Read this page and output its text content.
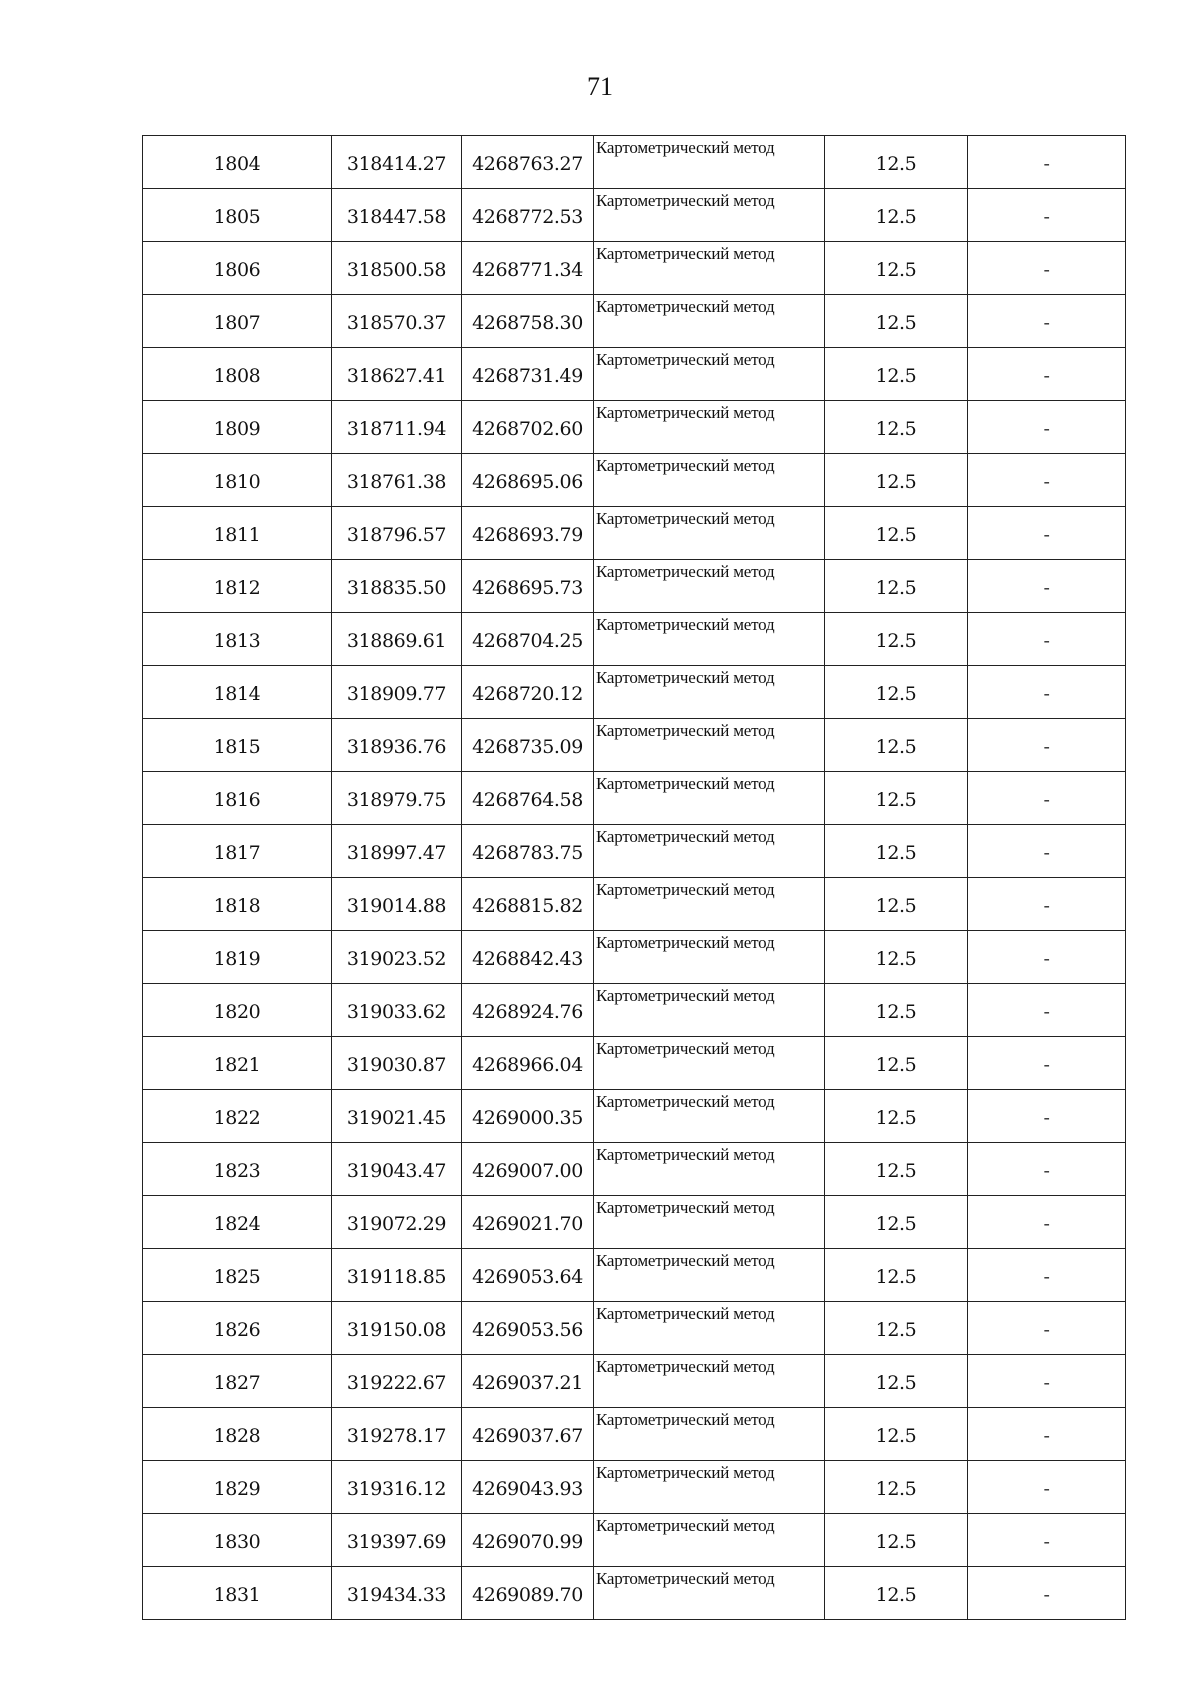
71
1804	318414.27	4268763.27	Картометрический метод	12.5	-
1805	318447.58	4268772.53	Картометрический метод	12.5	-
1806	318500.58	4268771.34	Картометрический метод	12.5	-
1807	318570.37	4268758.30	Картометрический метод	12.5	-
1808	318627.41	4268731.49	Картометрический метод	12.5	-
1809	318711.94	4268702.60	Картометрический метод	12.5	-
1810	318761.38	4268695.06	Картометрический метод	12.5	-
1811	318796.57	4268693.79	Картометрический метод	12.5	-
1812	318835.50	4268695.73	Картометрический метод	12.5	-
1813	318869.61	4268704.25	Картометрический метод	12.5	-
1814	318909.77	4268720.12	Картометрический метод	12.5	-
1815	318936.76	4268735.09	Картометрический метод	12.5	-
1816	318979.75	4268764.58	Картометрический метод	12.5	-
1817	318997.47	4268783.75	Картометрический метод	12.5	-
1818	319014.88	4268815.82	Картометрический метод	12.5	-
1819	319023.52	4268842.43	Картометрический метод	12.5	-
1820	319033.62	4268924.76	Картометрический метод	12.5	-
1821	319030.87	4268966.04	Картометрический метод	12.5	-
1822	319021.45	4269000.35	Картометрический метод	12.5	-
1823	319043.47	4269007.00	Картометрический метод	12.5	-
1824	319072.29	4269021.70	Картометрический метод	12.5	-
1825	319118.85	4269053.64	Картометрический метод	12.5	-
1826	319150.08	4269053.56	Картометрический метод	12.5	-
1827	319222.67	4269037.21	Картометрический метод	12.5	-
1828	319278.17	4269037.67	Картометрический метод	12.5	-
1829	319316.12	4269043.93	Картометрический метод	12.5	-
1830	319397.69	4269070.99	Картометрический метод	12.5	-
1831	319434.33	4269089.70	Картометрический метод	12.5	-
